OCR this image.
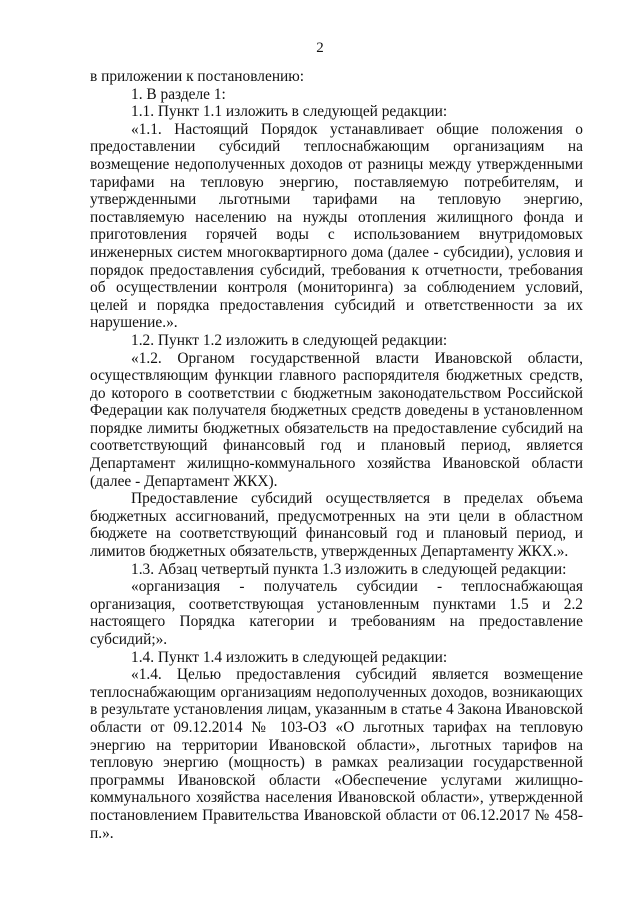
2

в приложении к постановлению:

1. В разделе 1:

1.1. Пункт 1.1 изложить в следующей редакции:

«1.1. Настоящий Порядок устанавливает общие положения о предоставлении субсидий теплоснабжающим организациям на возмещение недополученных доходов от разницы между утвержденными тарифами на тепловую энергию, поставляемую потребителям, и утвержденными льготными тарифами на тепловую энергию, поставляемую населению на нужды отопления жилищного фонда и приготовления горячей воды с использованием внутридомовых инженерных систем многоквартирного дома (далее - субсидии), условия и порядок предоставления субсидий, требования к отчетности, требования об осуществлении контроля (мониторинга) за соблюдением условий, целей и порядка предоставления субсидий и ответственности за их нарушение.».

1.2. Пункт 1.2 изложить в следующей редакции:

«1.2. Органом государственной власти Ивановской области, осуществляющим функции главного распорядителя бюджетных средств, до которого в соответствии с бюджетным законодательством Российской Федерации как получателя бюджетных средств доведены в установленном порядке лимиты бюджетных обязательств на предоставление субсидий на соответствующий финансовый год и плановый период, является Департамент жилищно-коммунального хозяйства Ивановской области (далее - Департамент ЖКХ).

Предоставление субсидий осуществляется в пределах объема бюджетных ассигнований, предусмотренных на эти цели в областном бюджете на соответствующий финансовый год и плановый период, и лимитов бюджетных обязательств, утвержденных Департаменту ЖКХ.».

1.3. Абзац четвертый пункта 1.3 изложить в следующей редакции:

«организация - получатель субсидии - теплоснабжающая организация, соответствующая установленным пунктами 1.5 и 2.2 настоящего Порядка категории и требованиям на предоставление субсидий;».

1.4. Пункт 1.4 изложить в следующей редакции:

«1.4. Целью предоставления субсидий является возмещение теплоснабжающим организациям недополученных доходов, возникающих в результате установления лицам, указанным в статье 4 Закона Ивановской области от 09.12.2014 № 103-ОЗ «О льготных тарифах на тепловую энергию на территории Ивановской области», льготных тарифов на тепловую энергию (мощность) в рамках реализации государственной программы Ивановской области «Обеспечение услугами жилищно-коммунального хозяйства населения Ивановской области», утвержденной постановлением Правительства Ивановской области от 06.12.2017 № 458-п.».
